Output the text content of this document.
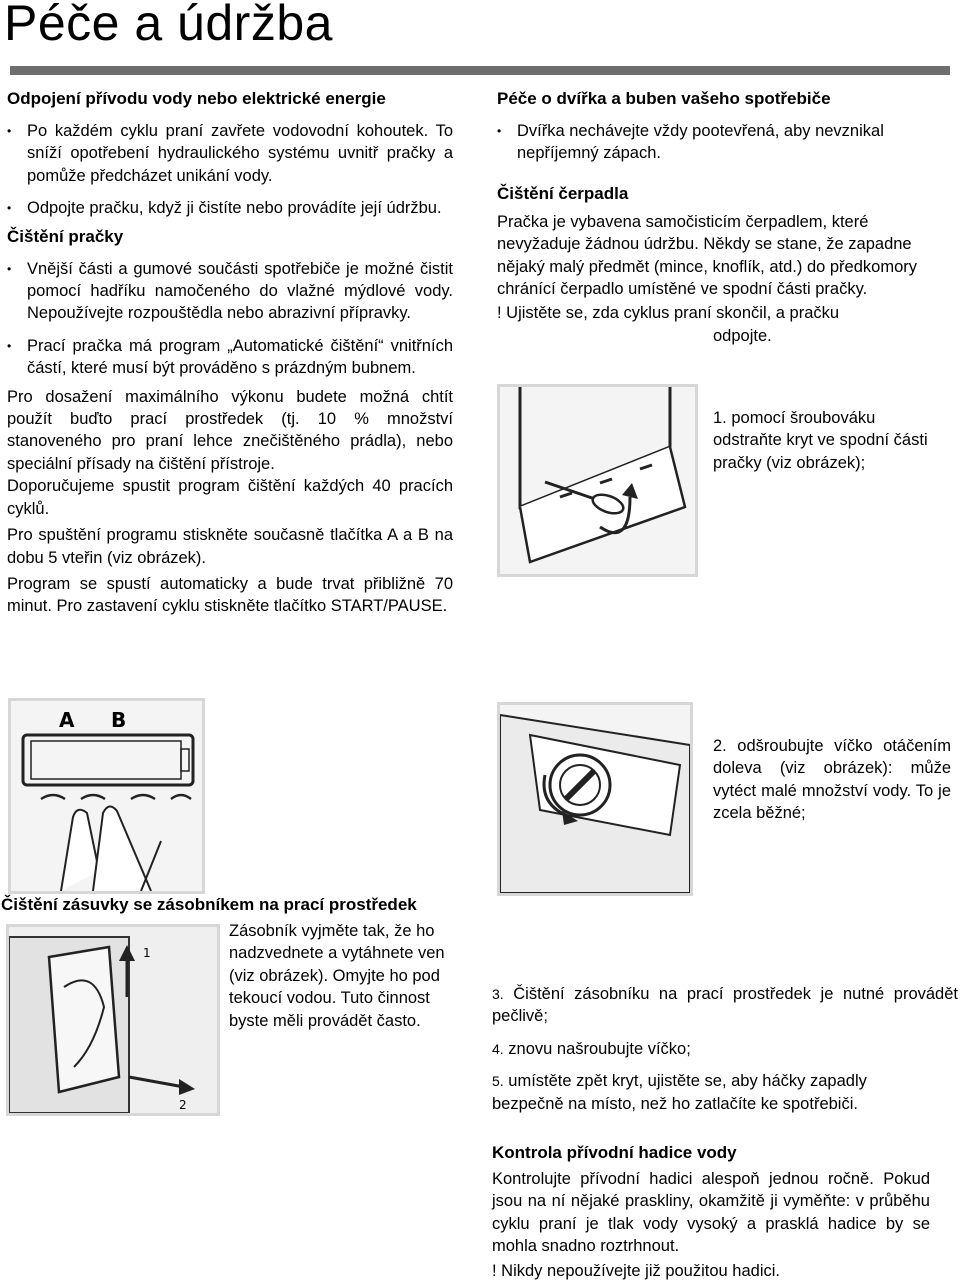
Péče a údržba

Odpojení přívodu vody nebo elektrické energie

• Po každém cyklu praní zavřete vodovodní kohoutek. To sníží opotřebení hydraulického systému uvnitř pračky a pomůže předcházet unikání vody.

• Odpojte pračku, když ji čistíte nebo provádíte její údržbu.

Čištění pračky

• Vnější části a gumové součásti spotřebiče je možné čistit pomocí hadříku namočeného do vlažné mýdlové vody. Nepoužívejte rozpouštědla nebo abrazivní přípravky.

• Prací pračka má program „Automatické čištění“ vnitřních částí, které musí být prováděno s prázdným bubnem.

Pro dosažení maximálního výkonu budete možná chtít použít buďto prací prostředek (tj. 10 % množství stanoveného pro praní lehce znečištěného prádla), nebo speciální přísady na čištění přístroje.

Doporučujeme spustit program čištění každých 40 pracích cyklů.

Pro spuštění programu stiskněte současně tlačítka A a B na dobu 5 vteřin (viz obrázek).

Program se spustí automaticky a bude trvat přibližně 70 minut. Pro zastavení cyklu stiskněte tlačítko START/PAUSE.

A B

Čištění zásuvky se zásobníkem na prací prostředek

1
2

Zásobník vyjměte tak, že ho nadzvednete a vytáhnete ven (viz obrázek). Omyjte ho pod tekoucí vodou. Tuto činnost byste měli provádět často.

Péče o dvířka a buben vašeho spotřebiče

• Dvířka nechávejte vždy pootevřená, aby nevznikal nepříjemný zápach.

Čištění čerpadla

Pračka je vybavena samočisticím čerpadlem, které nevyžaduje žádnou údržbu. Někdy se stane, že zapadne nějaký malý předmět (mince, knoflík, atd.) do předkomory chránící čerpadlo umístěné ve spodní části pračky.

! Ujistěte se, zda cyklus praní skončil, a pračku

odpojte.

1. pomocí šroubováku odstraňte kryt ve spodní části pračky (viz obrázek);

2. odšroubujte víčko otáčením doleva (viz obrázek): může vytéct malé množství vody. To je zcela běžné;

3. Čištění zásobníku na prací prostředek je nutné provádět pečlivě;

4. znovu našroubujte víčko;

5. umístěte zpět kryt, ujistěte se, aby háčky zapadly bezpečně na místo, než ho zatlačíte ke spotřebiči.

Kontrola přívodní hadice vody

Kontrolujte přívodní hadici alespoň jednou ročně. Pokud jsou na ní nějaké praskliny, okamžitě ji vyměňte: v průběhu cyklu praní je tlak vody vysoký a prasklá hadice by se mohla snadno roztrhnout.

! Nikdy nepoužívejte již použitou hadici.
